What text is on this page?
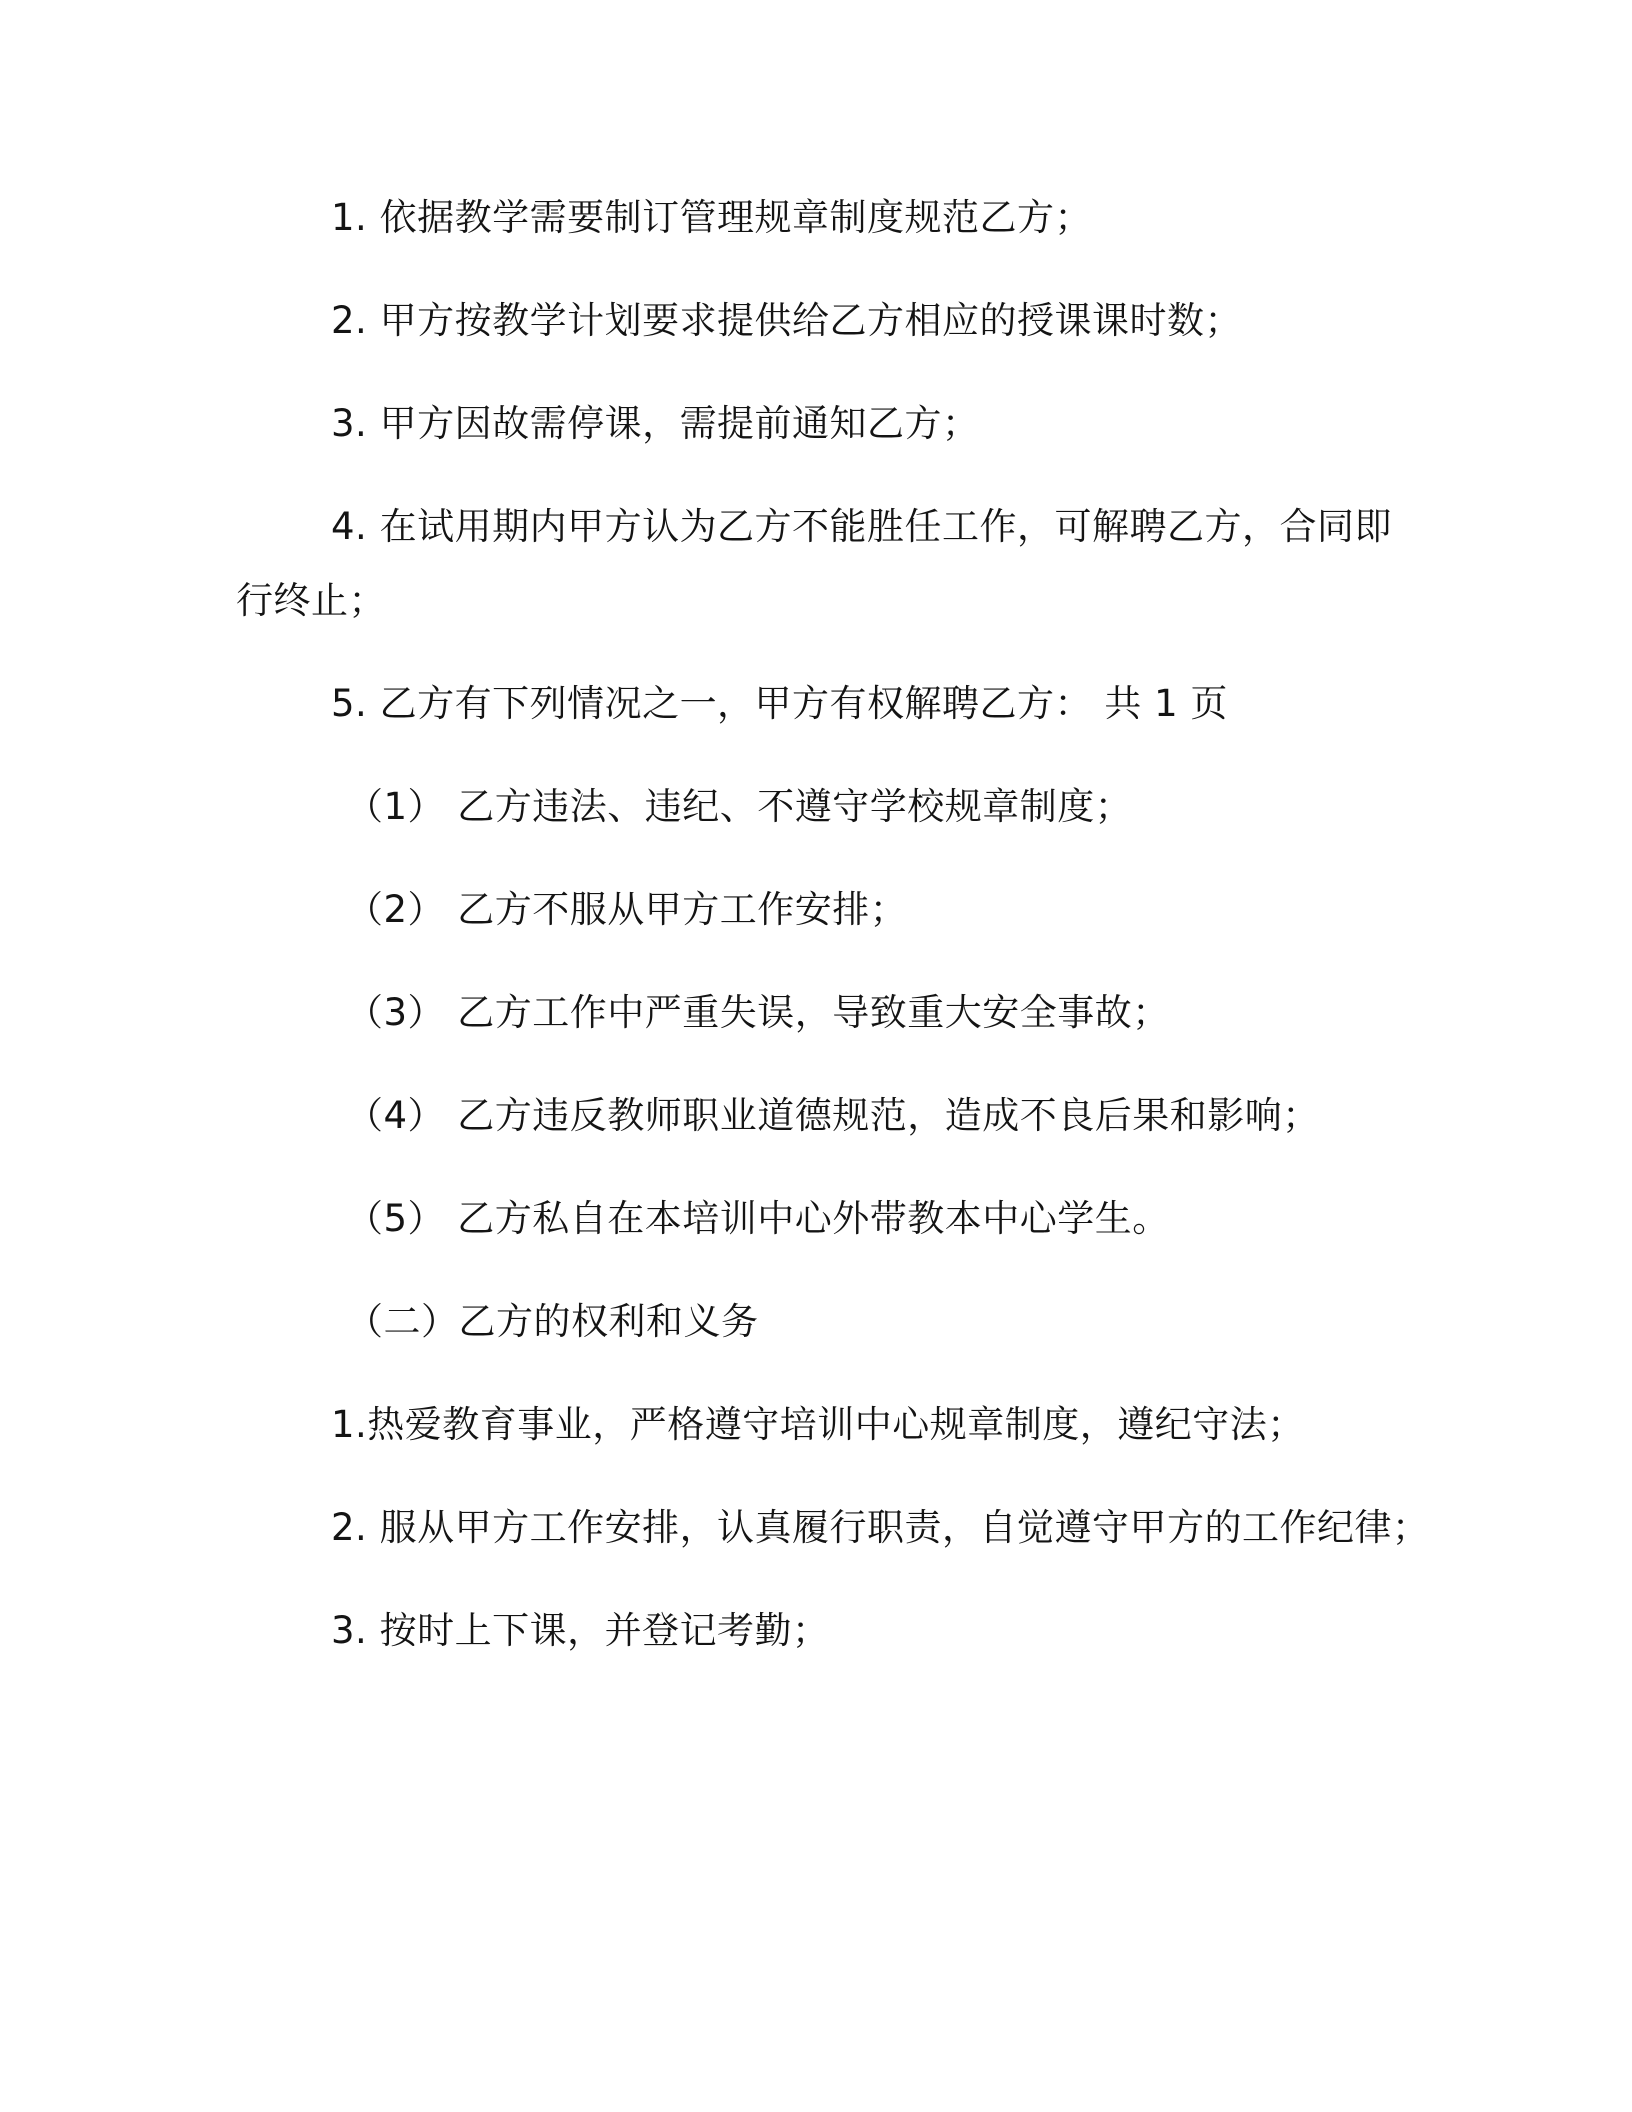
1. 依据教学需要制订管理规章制度规范乙方；
2. 甲方按教学计划要求提供给乙方相应的授课课时数；
3. 甲方因故需停课，需提前通知乙方；
4. 在试用期内甲方认为乙方不能胜任工作，可解聘乙方，合同即
行终止；
5. 乙方有下列情况之一，甲方有权解聘乙方： 共 1 页
（1） 乙方违法、违纪、不遵守学校规章制度；
（2） 乙方不服从甲方工作安排；
（3） 乙方工作中严重失误，导致重大安全事故；
（4） 乙方违反教师职业道德规范，造成不良后果和影响；
（5） 乙方私自在本培训中心外带教本中心学生。
（二）乙方的权利和义务
1.热爱教育事业，严格遵守培训中心规章制度，遵纪守法；
2. 服从甲方工作安排，认真履行职责，自觉遵守甲方的工作纪律；
3. 按时上下课，并登记考勤；
